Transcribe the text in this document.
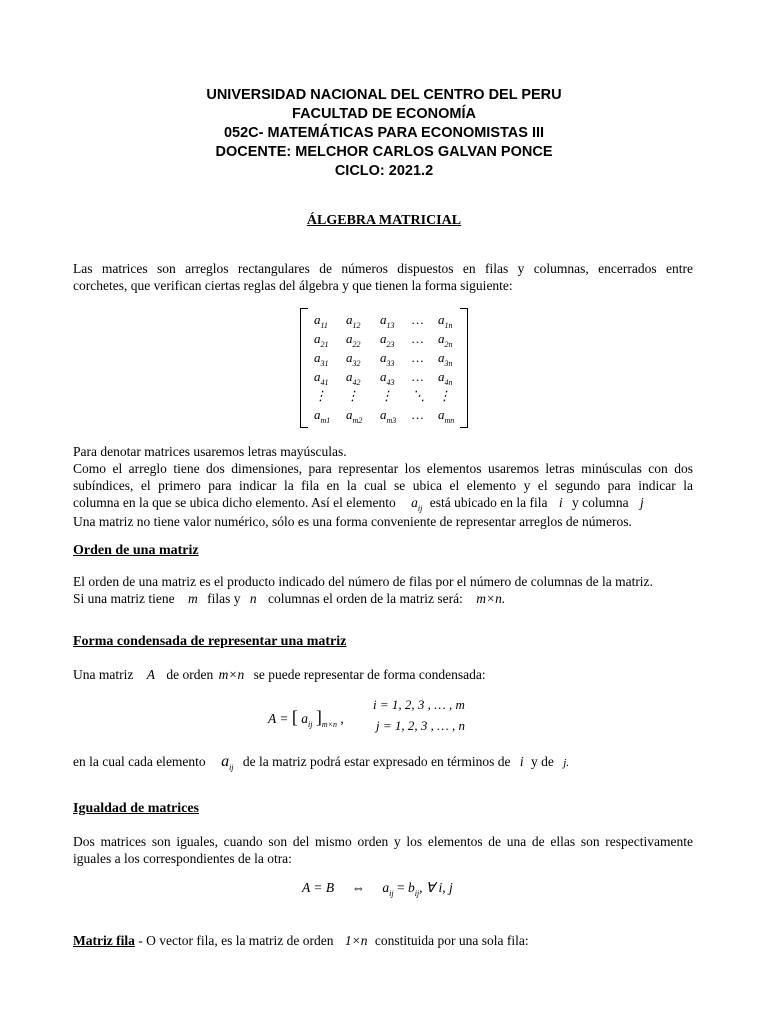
UNIVERSIDAD NACIONAL DEL CENTRO DEL PERU
FACULTAD DE ECONOMÍA
052C- MATEMÁTICAS PARA ECONOMISTAS III
DOCENTE: MELCHOR CARLOS GALVAN PONCE
CICLO: 2021.2
ÁLGEBRA MATRICIAL
Las matrices son arreglos rectangulares de números dispuestos en filas y columnas, encerrados entre
corchetes, que verifican ciertas reglas del álgebra y que tienen la forma siguiente:
$a_{11}$	$a_{12}$	$a_{13}$	…	$a_{1n}$
$a_{21}$	$a_{22}$	$a_{23}$	…	$a_{2n}$
$a_{31}$	$a_{32}$	$a_{33}$	…	$a_{3n}$
$a_{41}$	$a_{42}$	$a_{43}$	…	$a_{4n}$
⋮	⋮	⋮	⋱	⋮
$a_{m1}$	$a_{m2}$	$a_{m3}$	…	$a_{mn}$
Para denotar matrices usaremos letras mayúsculas.
Como el arreglo tiene dos dimensiones, para representar los elementos usaremos letras minúsculas con dos
subíndices, el primero para indicar la fila en la cual se ubica el elemento y el segundo para indicar la
columna en la que se ubica dicho elemento. Así el elemento $a_{ij}$ está ubicado en la fila i y columna j
Una matriz no tiene valor numérico, sólo es una forma conveniente de representar arreglos de números.
Orden de una matriz
El orden de una matriz es el producto indicado del número de filas por el número de columnas de la matriz.
Si una matriz tiene m filas y n columnas el orden de la matriz será: m×n.
Forma condensada de representar una matriz
Una matriz A de orden m×n se puede representar de forma condensada:
A = [ $a_{ij}$ ]$_{m\times n}$ ,
i = 1, 2, 3 , … , m
j = 1, 2, 3 , … , n
en la cual cada elemento $a_{ij}$ de la matriz podrá estar expresado en términos de i y de j.
Igualdad de matrices
Dos matrices son iguales, cuando son del mismo orden y los elementos de una de ellas son respectivamente
iguales a los correspondientes de la otra:
A = B ⇔ $a_{ij} = b_{ij}$, ∀ i, j
Matriz fila - O vector fila, es la matriz de orden 1×n constituida por una sola fila:
